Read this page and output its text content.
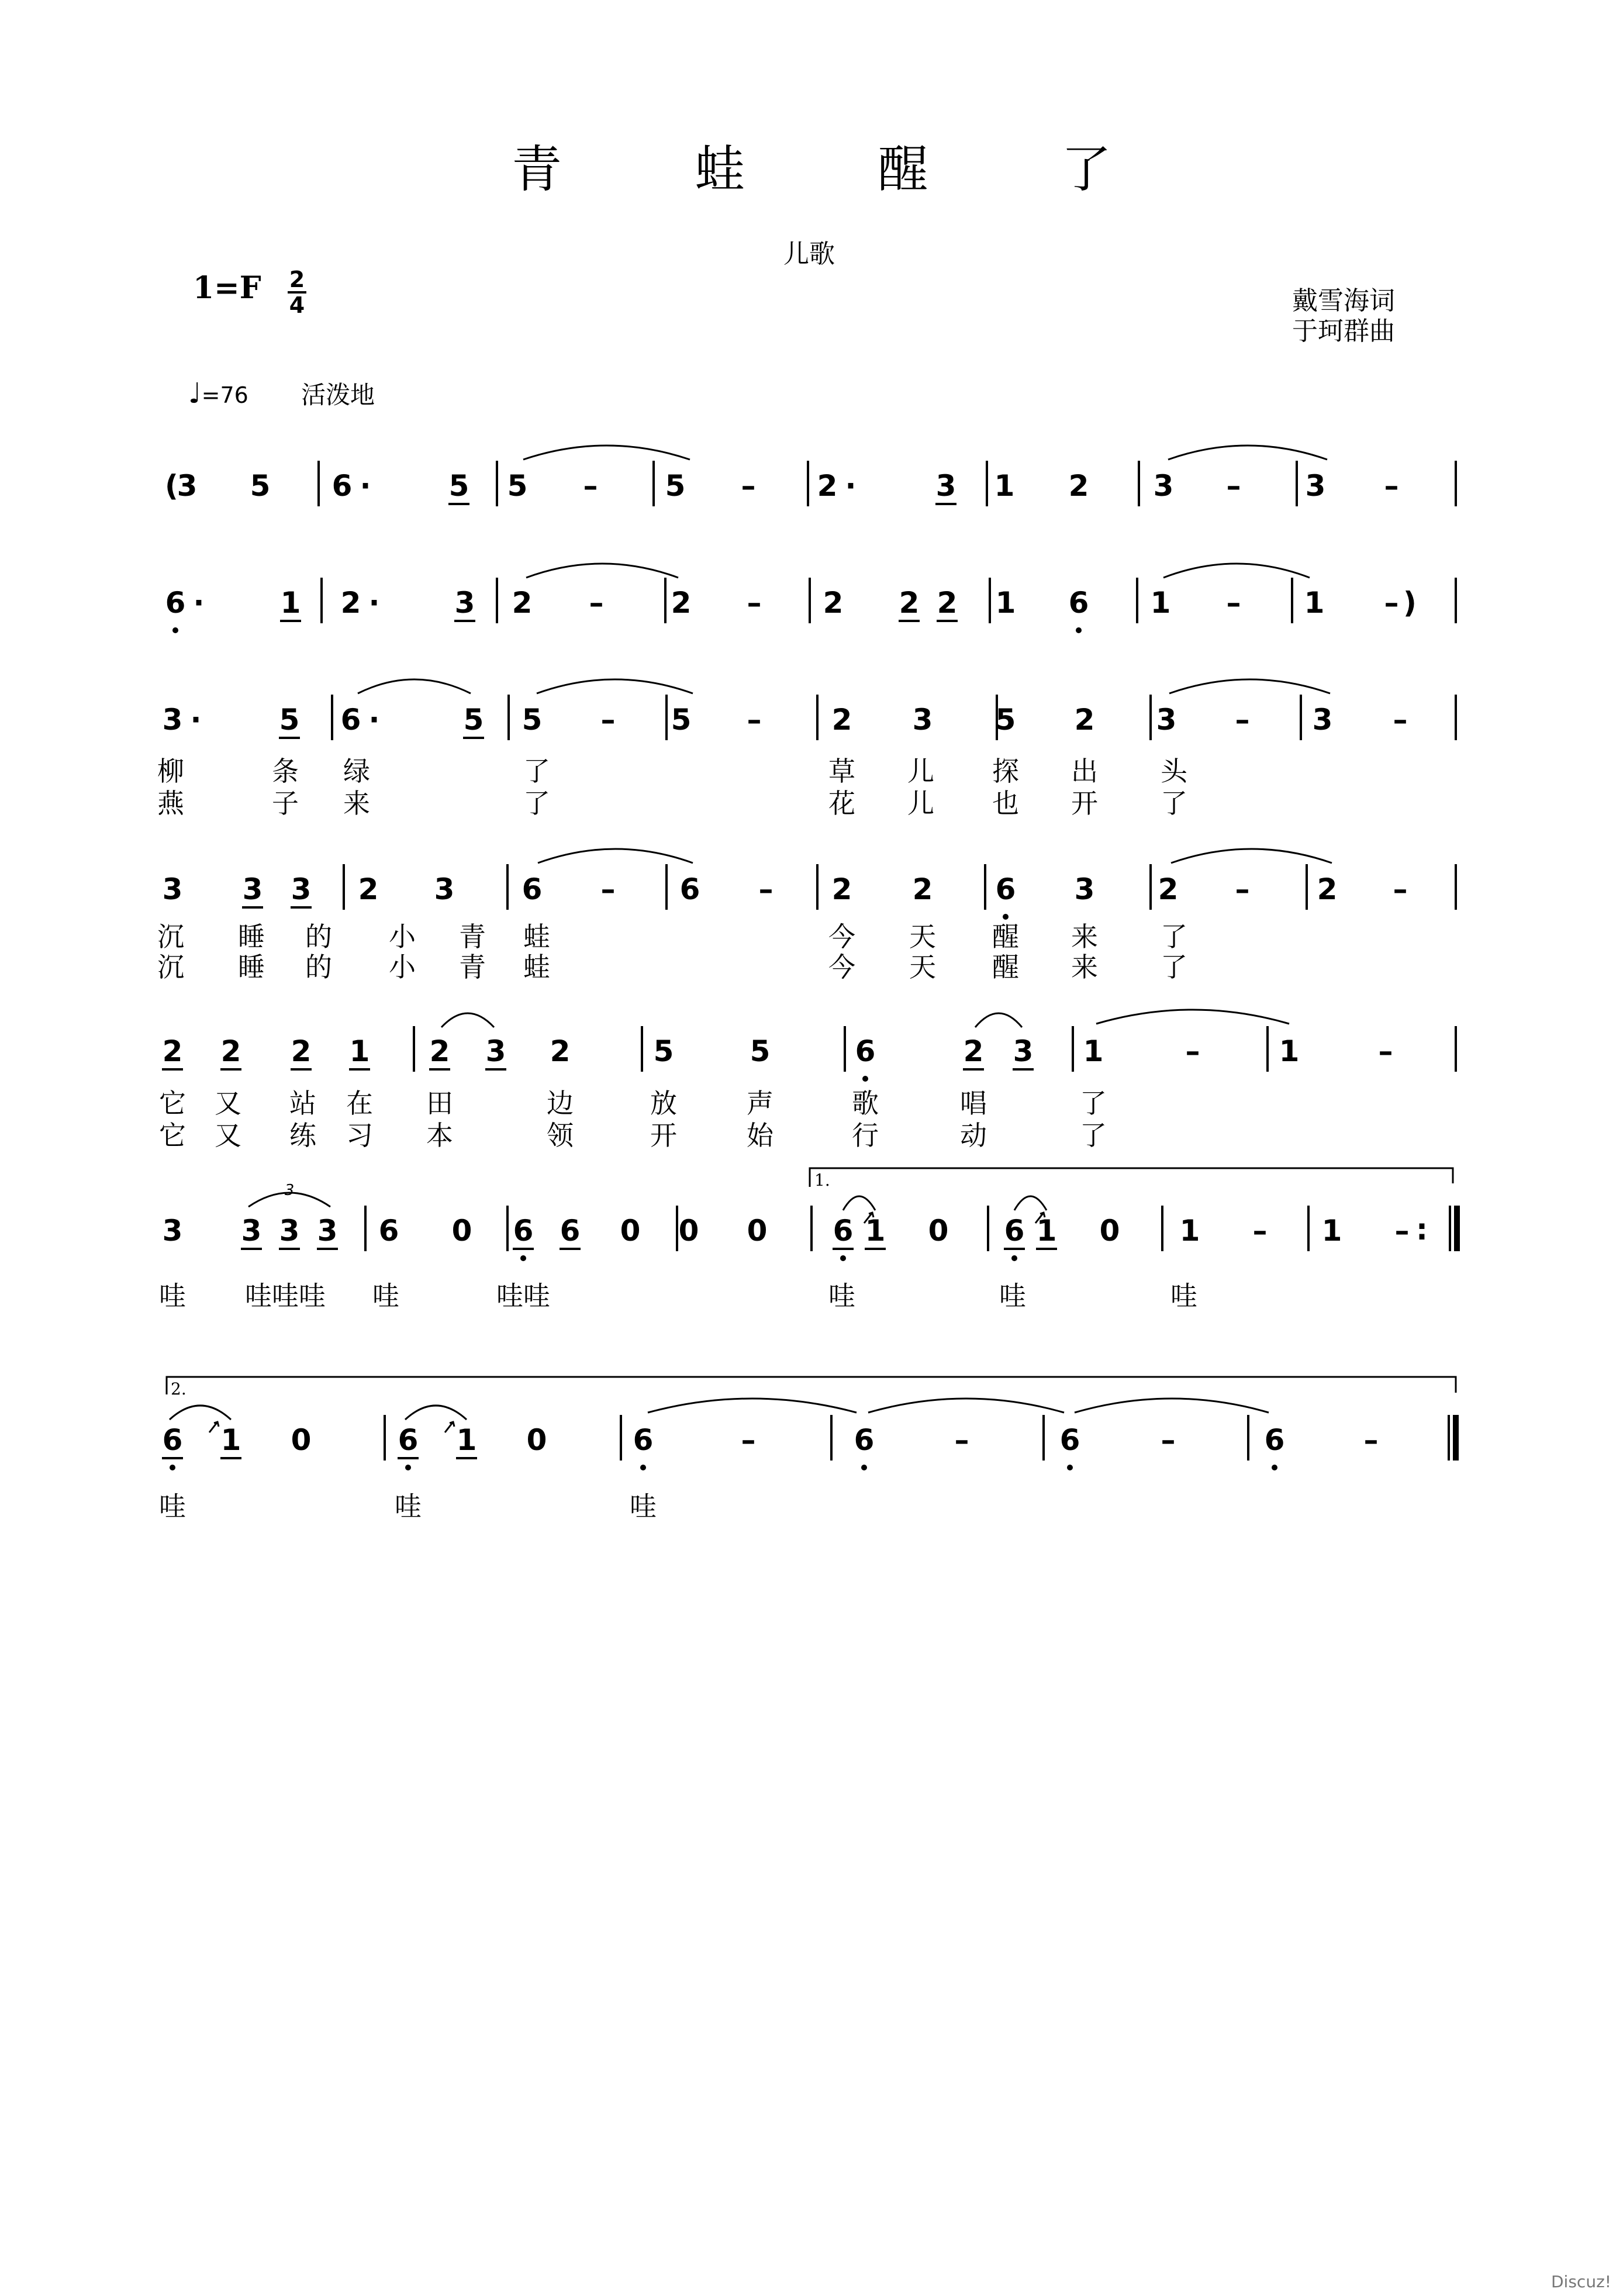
青 蛙 醒 了
儿歌
1=F 2
4	戴雪海词
于珂群曲
♩=76 活泼地
(
3 5 6 ·	5 5 – 5 – 2 ·	3 1 2 3 – 3 –
6 ·	1 2 ·	3 2 – 2 – 2 2 2 1 6 1 – 1 – )
3 ·	5 6 ·	5 5 – 5 – 2 3 5 2 3 – 3 –
柳	条 绿	了	草 儿 探 出 头
燕	子 来	了	花 儿 也 开 了
3 3 3 2 3 6 – 6 – 2 2 6 3 2 – 2 –
沉 睡 的 小 青 蛙	今 天 醒 来 了
沉 睡 的 小 青 蛙	今 天 醒 来 了
2 2 2 1 2 3 2	5	5	6	2 3 1	–	1	–
它 又 站 在 田	边	放	声	歌	唱	了
它 又 练 习 本	领	开	始	行	动	了
3 3 3 3 6 0 6 6 0 0 0 6 1 0 6 1 0 1 – 1 – :
3
1.
哇 哇哇哇 哇	哇哇	哇	哇	哇
6 1 0	6 1 0	6	–	6	–	6	–	6	–
2.
哇	哇	哇
Discuz!
